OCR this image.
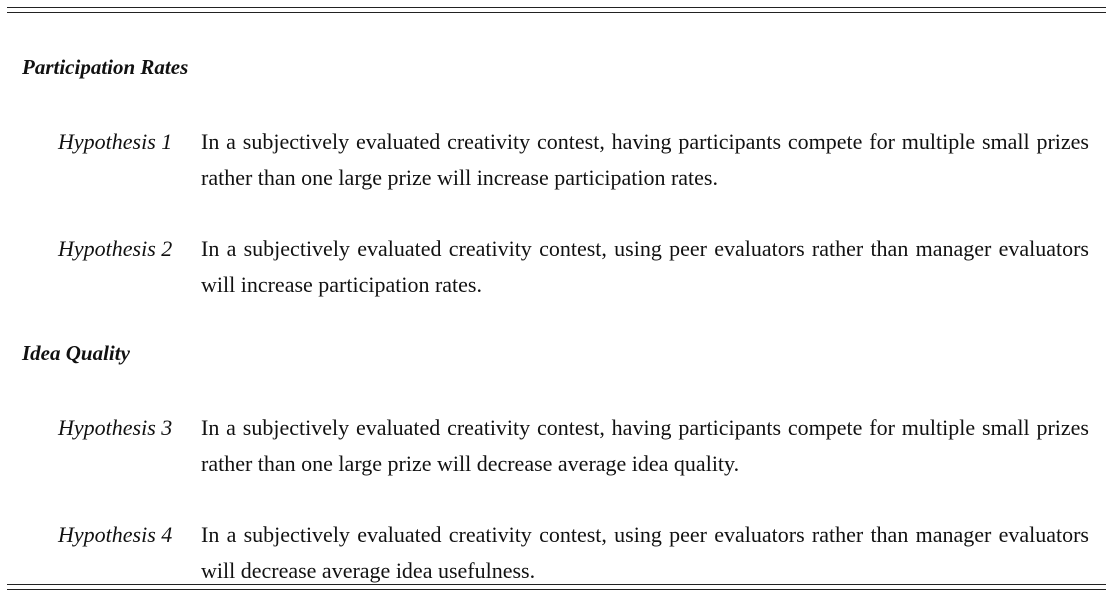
Participation Rates
Hypothesis 1 In a subjectively evaluated creativity contest, having participants compete for multiple small prizes rather than one large prize will increase participation rates.
Hypothesis 2 In a subjectively evaluated creativity contest, using peer evaluators rather than manager evaluators will increase participation rates.
Idea Quality
Hypothesis 3 In a subjectively evaluated creativity contest, having participants compete for multiple small prizes rather than one large prize will decrease average idea quality.
Hypothesis 4 In a subjectively evaluated creativity contest, using peer evaluators rather than manager evaluators will decrease average idea usefulness.
